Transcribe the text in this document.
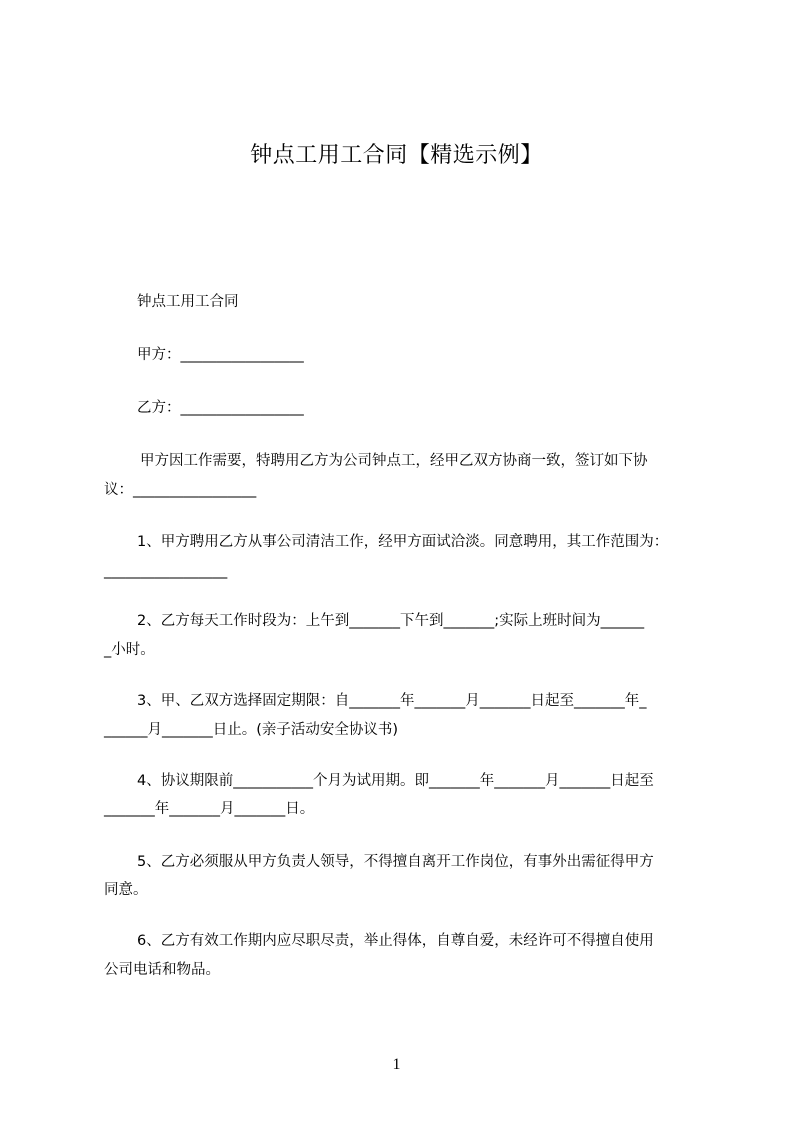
钟点工用工合同【精选示例】
钟点工用工合同
甲方：_________________
乙方：_________________
甲方因工作需要，特聘用乙方为公司钟点工，经甲乙双方协商一致，签订如下协
议：_________________
1、甲方聘用乙方从事公司清洁工作，经甲方面试洽淡。同意聘用，其工作范围为：
_________________
2、乙方每天工作时段为：上午到_______下午到_______;实际上班时间为______
_小时。
3、甲、乙双方选择固定期限：自_______年_______月_______日起至_______年_
______月_______日止。(亲子活动安全协议书)
4、协议期限前___________个月为试用期。即_______年_______月_______日起至
_______年_______月_______日。
5、乙方必须服从甲方负责人领导，不得擅自离开工作岗位，有事外出需征得甲方
同意。
6、乙方有效工作期内应尽职尽责，举止得体，自尊自爱，未经许可不得擅自使用
公司电话和物品。
1
